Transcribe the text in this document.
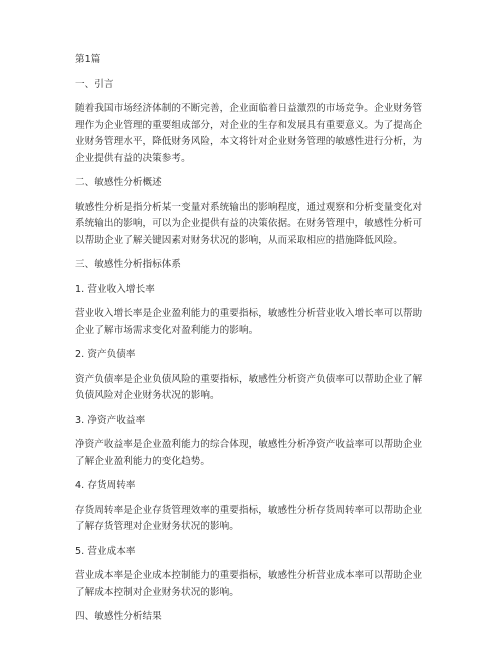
第1篇

一、引言

随着我国市场经济体制的不断完善，企业面临着日益激烈的市场竞争。企业财务管

理作为企业管理的重要组成部分，对企业的生存和发展具有重要意义。为了提高企

业财务管理水平，降低财务风险，本文将针对企业财务管理的敏感性进行分析，为

企业提供有益的决策参考。

二、敏感性分析概述

敏感性分析是指分析某一变量对系统输出的影响程度，通过观察和分析变量变化对

系统输出的影响，可以为企业提供有益的决策依据。在财务管理中，敏感性分析可

以帮助企业了解关键因素对财务状况的影响，从而采取相应的措施降低风险。

三、敏感性分析指标体系

1. 营业收入增长率

营业收入增长率是企业盈利能力的重要指标，敏感性分析营业收入增长率可以帮助

企业了解市场需求变化对盈利能力的影响。

2. 资产负债率

资产负债率是企业负债风险的重要指标，敏感性分析资产负债率可以帮助企业了解

负债风险对企业财务状况的影响。

3. 净资产收益率

净资产收益率是企业盈利能力的综合体现，敏感性分析净资产收益率可以帮助企业

了解企业盈利能力的变化趋势。

4. 存货周转率

存货周转率是企业存货管理效率的重要指标，敏感性分析存货周转率可以帮助企业

了解存货管理对企业财务状况的影响。

5. 营业成本率

营业成本率是企业成本控制能力的重要指标，敏感性分析营业成本率可以帮助企业

了解成本控制对企业财务状况的影响。

四、敏感性分析结果
